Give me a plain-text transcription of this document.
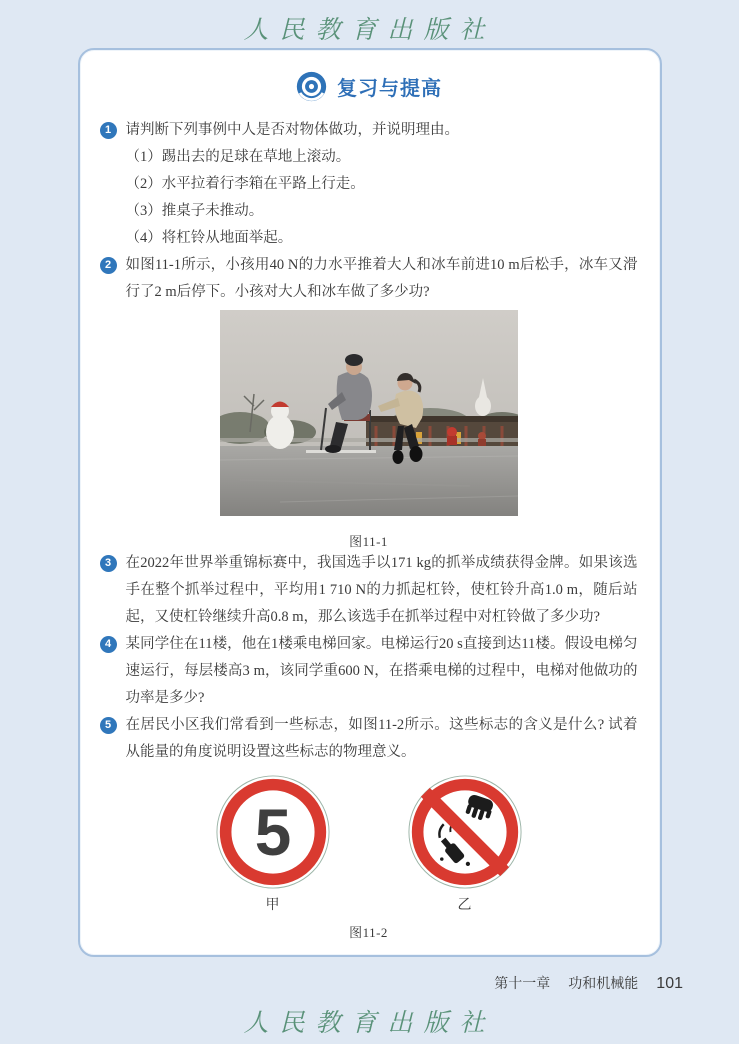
人民教育出版社
复习与提高
1 请判断下列事例中人是否对物体做功，并说明理由。
（1）踢出去的足球在草地上滚动。
（2）水平拉着行李箱在平路上行走。
（3）推桌子未推动。
（4）将杠铃从地面举起。
2 如图11-1所示，小孩用40 N的力水平推着大人和冰车前进10 m后松手，冰车又滑行了2 m后停下。小孩对大人和冰车做了多少功?
图11-1
3 在2022年世界举重锦标赛中，我国选手以171 kg的抓举成绩获得金牌。如果该选手在整个抓举过程中，平均用1 710 N的力抓起杠铃，使杠铃升高1.0 m，随后站起，又使杠铃继续升高0.8 m，那么该选手在抓举过程中对杠铃做了多少功?
4 某同学住在11楼，他在1楼乘电梯回家。电梯运行20 s直接到达11楼。假设电梯匀速运行，每层楼高3 m，该同学重600 N，在搭乘电梯的过程中，电梯对他做功的功率是多少?
5 在居民小区我们常看到一些标志，如图11-2所示。这些标志的含义是什么? 试着从能量的角度说明设置这些标志的物理意义。
5
甲	乙
图11-2
第十一章 功和机械能 101
人民教育出版社
